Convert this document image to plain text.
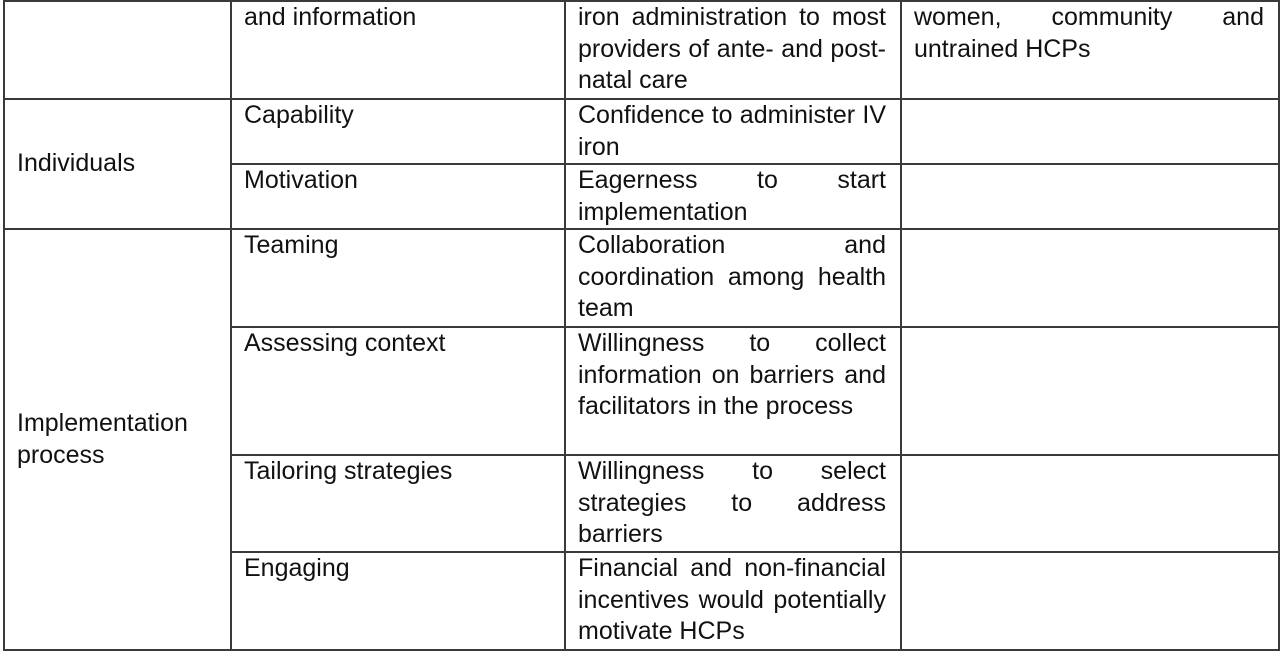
	and information	iron administration to most providers of ante- and post-natal care	women, community and untrained HCPs

Individuals	Capability	Confidence to administer IV iron	

	Motivation	Eagerness to start implementation	

Implementation process	Teaming	Collaboration and coordination among health team	

	Assessing context	Willingness to collect information on barriers and facilitators in the process	

	Tailoring strategies	Willingness to select strategies to address barriers	

	Engaging	Financial and non-financial incentives would potentially motivate HCPs	
